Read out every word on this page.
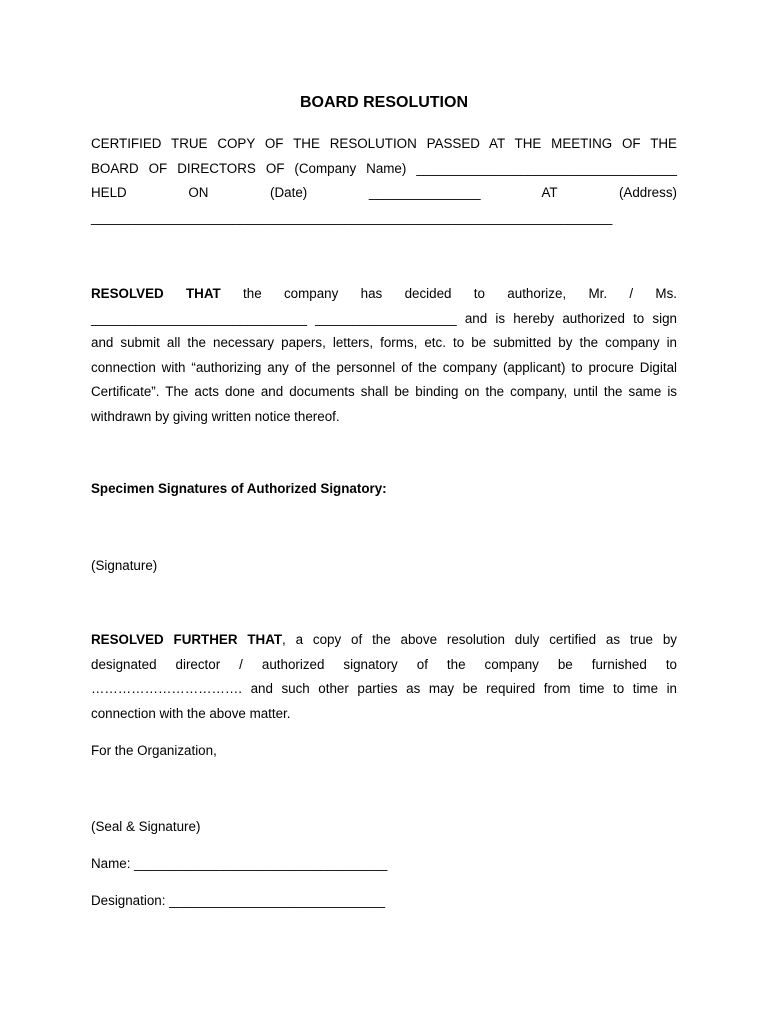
BOARD RESOLUTION
CERTIFIED TRUE COPY OF THE RESOLUTION PASSED AT THE MEETING OF THE
BOARD OF DIRECTORS OF (Company Name) ___________________________________
HELD	ON	(Date)	_______________	AT	(Address)
______________________________________________________________________
RESOLVED THAT the company has decided to authorize, Mr. / Ms.
_____________________________ ___________________ and is hereby authorized to sign
and submit all the necessary papers, letters, forms, etc. to be submitted by the company in
connection with “authorizing any of the personnel of the company (applicant) to procure Digital
Certificate”. The acts done and documents shall be binding on the company, until the same is
withdrawn by giving written notice thereof.

Specimen Signatures of Authorized Signatory:

(Signature)

RESOLVED FURTHER THAT, a copy of the above resolution duly certified as true by
designated director / authorized signatory of the company be furnished to
……………………………. and such other parties as may be required from time to time in
connection with the above matter.

For the Organization,

(Seal & Signature)

Name: __________________________________

Designation: _____________________________
